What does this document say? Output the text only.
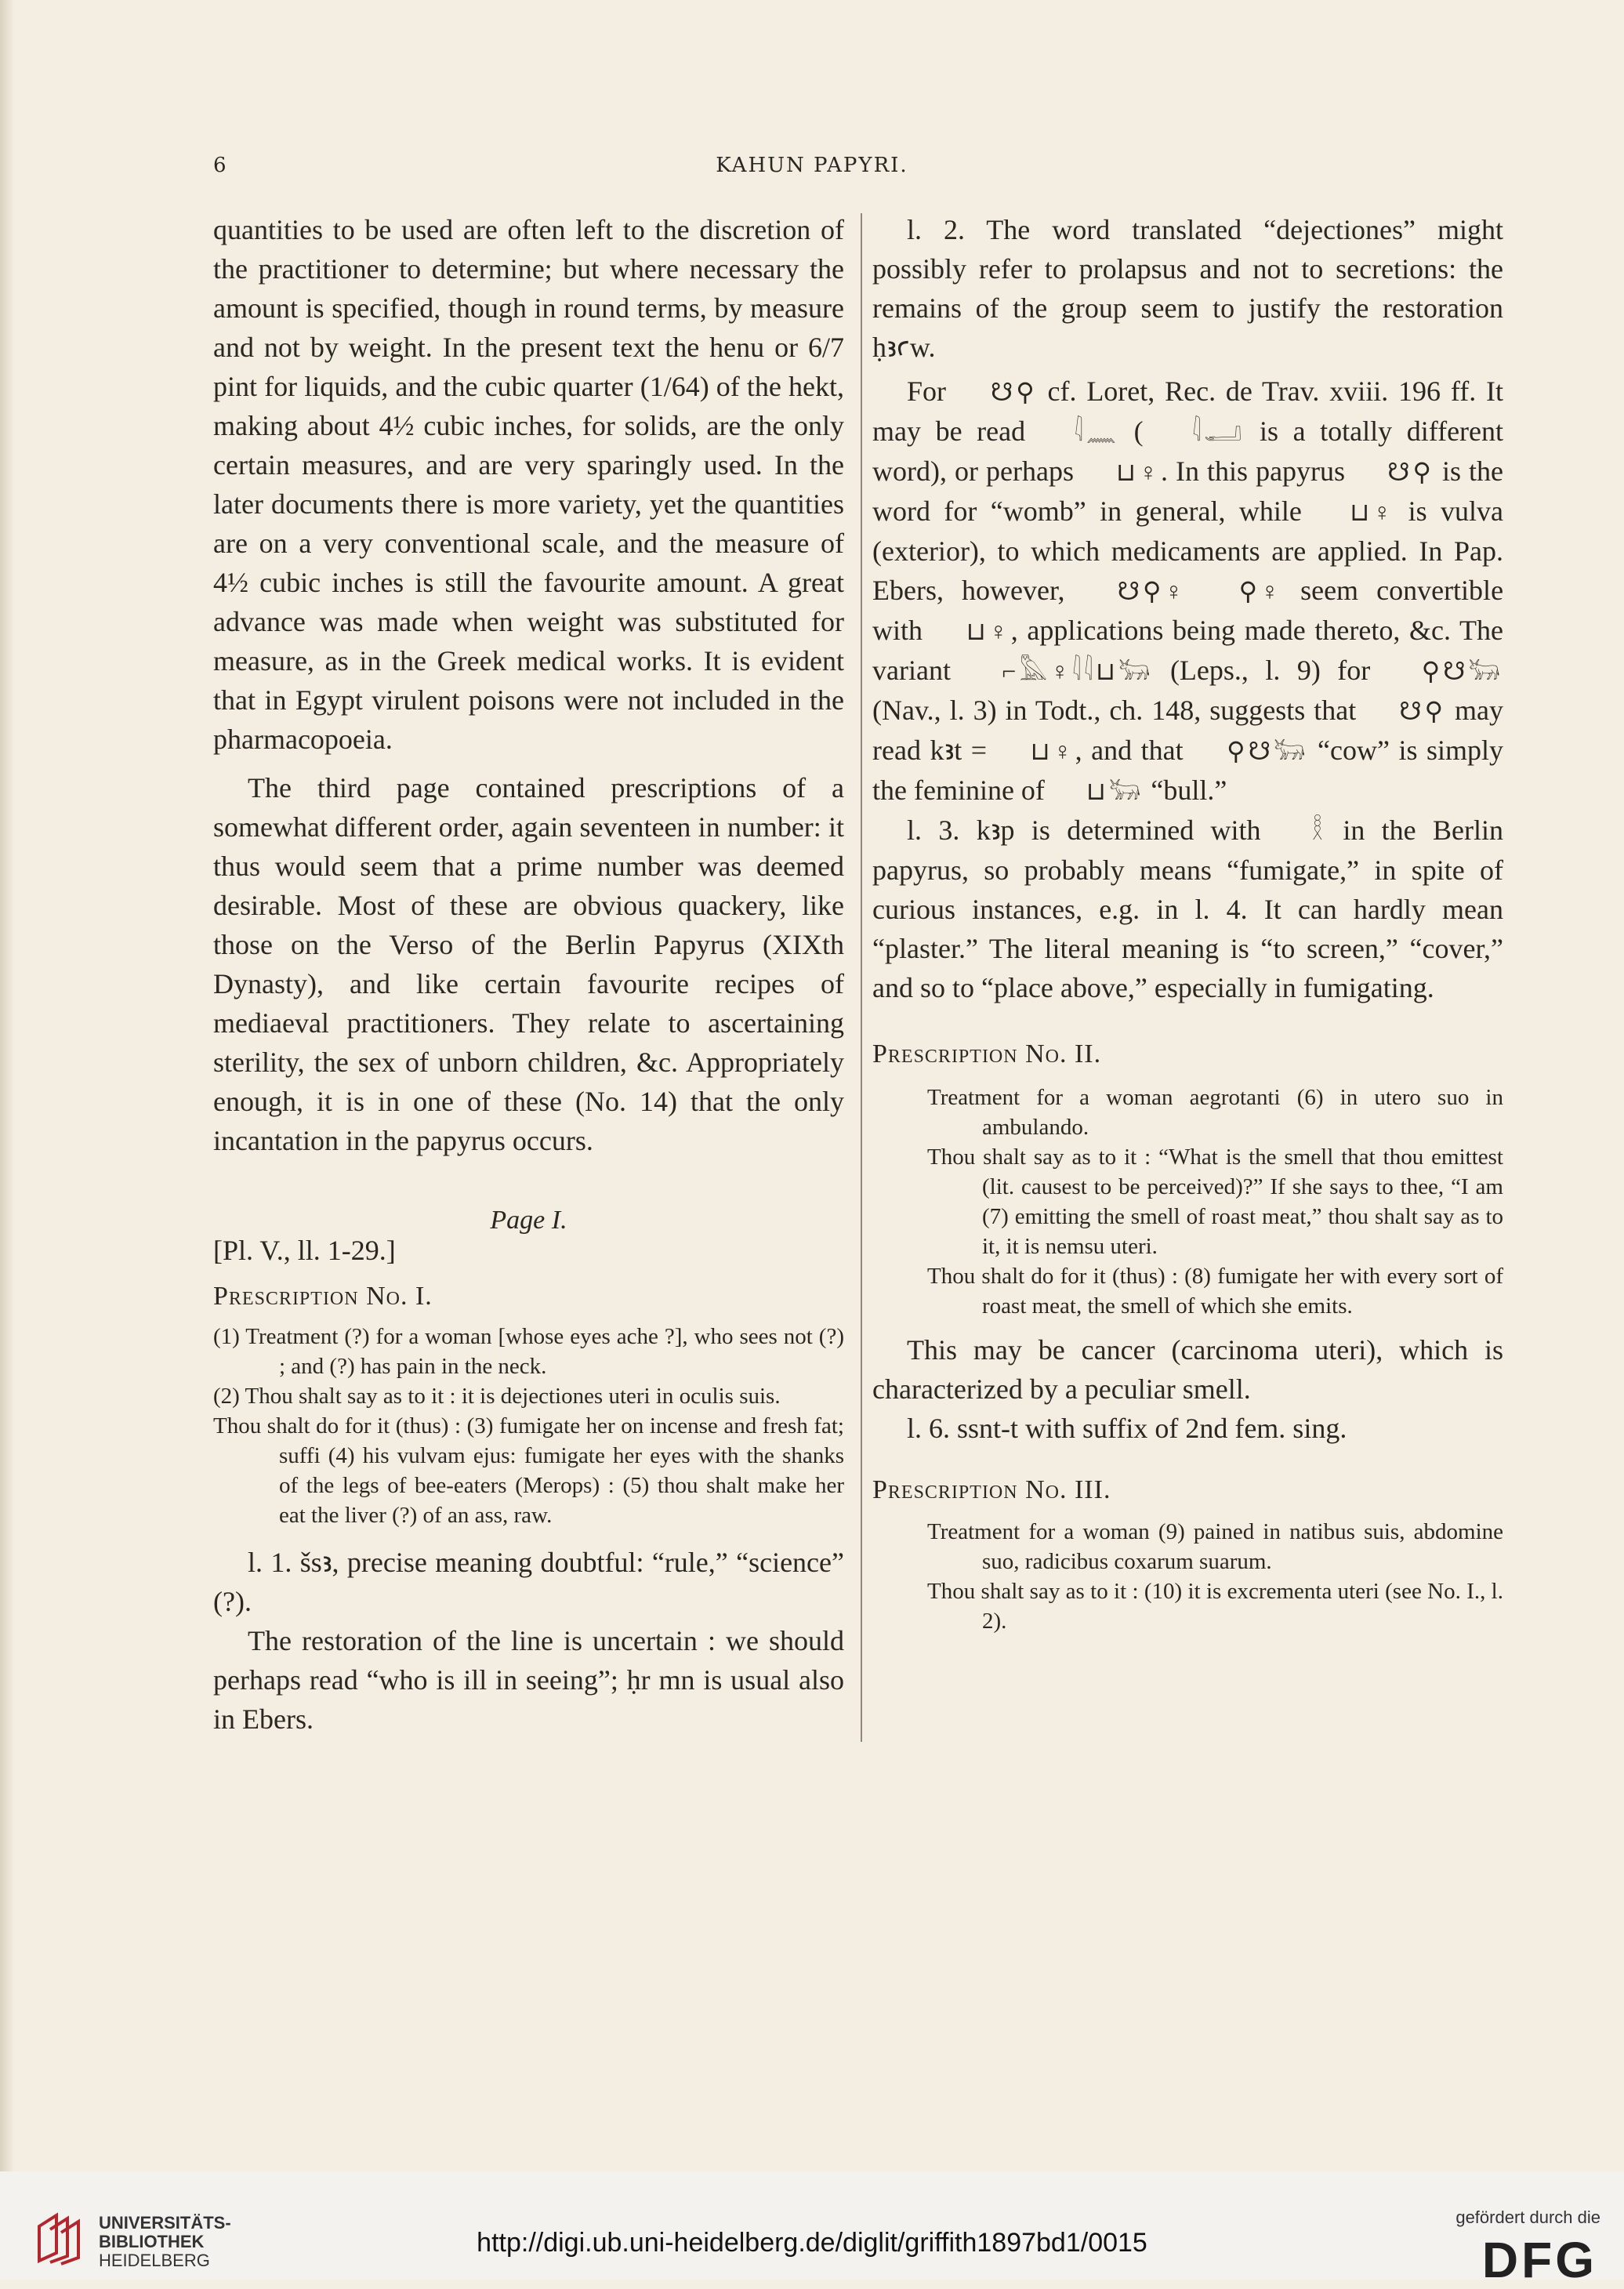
6	KAHUN PAPYRI.

quantities to be used are often left to the discretion of the practitioner to determine; but where necessary the amount is specified, though in round terms, by measure and not by weight. In the present text the henu or 6/7 pint for liquids, and the cubic quarter (1/64) of the hekt, making about 4½ cubic inches, for solids, are the only certain measures, and are very sparingly used. In the later documents there is more variety, yet the quantities are on a very conventional scale, and the measure of 4½ cubic inches is still the favourite amount. A great advance was made when weight was substituted for measure, as in the Greek medical works. It is evident that in Egypt virulent poisons were not included in the pharmacopoeia.

The third page contained prescriptions of a somewhat different order, again seventeen in number: it thus would seem that a prime number was deemed desirable. Most of these are obvious quackery, like those on the Verso of the Berlin Papyrus (XIXth Dynasty), and like certain favourite recipes of mediaeval practitioners. They relate to ascertaining sterility, the sex of unborn children, &c. Appropriately enough, it is in one of these (No. 14) that the only incantation in the papyrus occurs.

Page I.

[Pl. V., ll. 1-29.]

Prescription No. I.

(1) Treatment (?) for a woman [whose eyes ache ?], who sees not (?) ; and (?) has pain in the neck.

(2) Thou shalt say as to it : it is dejectiones uteri in oculis suis.

Thou shalt do for it (thus) : (3) fumigate her on incense and fresh fat; suffi (4) his vulvam ejus: fumigate her eyes with the shanks of the legs of bee-eaters (Merops) : (5) thou shalt make her eat the liver (?) of an ass, raw.

l. 1. šsꜣ, precise meaning doubtful: “rule,” “science” (?).

The restoration of the line is uncertain : we should perhaps read “who is ill in seeing”; ḥr mn is usual also in Ebers.

l. 2. The word translated “dejectiones” might possibly refer to prolapsus and not to secretions: the remains of the group seem to justify the restoration ḥꜣꜥw.

For ☋⚲ cf. Loret, Rec. de Trav. xviii. 196 ff. It may be read 𓇋𓈖 ( 𓇋𓂝 is a totally different word), or perhaps ⊔♀. In this papyrus ☋⚲ is the word for “womb” in general, while ⊔♀ is vulva (exterior), to which medicaments are applied. In Pap. Ebers, however, ☋⚲♀ ⚲♀ seem convertible with ⊔♀, applications being made thereto, &c. The variant ⌐𓅓♀𓇋𓇋⊔𓃒 (Leps., l. 9) for ⚲☋𓃒 (Nav., l. 3) in Todt., ch. 148, suggests that ☋⚲ may read kꜣt = ⊔♀, and that ⚲☋𓃒 “cow” is simply the feminine of ⊔𓃒 “bull.”

l. 3. kꜣp is determined with 𓎛 in the Berlin papyrus, so probably means “fumigate,” in spite of curious instances, e.g. in l. 4. It can hardly mean “plaster.” The literal meaning is “to screen,” “cover,” and so to “place above,” especially in fumigating.

Prescription No. II.

Treatment for a woman aegrotanti (6) in utero suo in ambulando.

Thou shalt say as to it : “What is the smell that thou emittest (lit. causest to be perceived)?” If she says to thee, “I am (7) emitting the smell of roast meat,” thou shalt say as to it, it is nemsu uteri.

Thou shalt do for it (thus) : (8) fumigate her with every sort of roast meat, the smell of which she emits.

This may be cancer (carcinoma uteri), which is characterized by a peculiar smell.

l. 6. ssnt-t with suffix of 2nd fem. sing.

Prescription No. III.

Treatment for a woman (9) pained in natibus suis, abdomine suo, radicibus coxarum suarum.

Thou shalt say as to it : (10) it is excrementa uteri (see No. I., l. 2).

UNIVERSITÄTS-
BIBLIOTHEK
HEIDELBERG
http://digi.ub.uni-heidelberg.de/diglit/griffith1897bd1/0015
gefördert durch die
DFG
